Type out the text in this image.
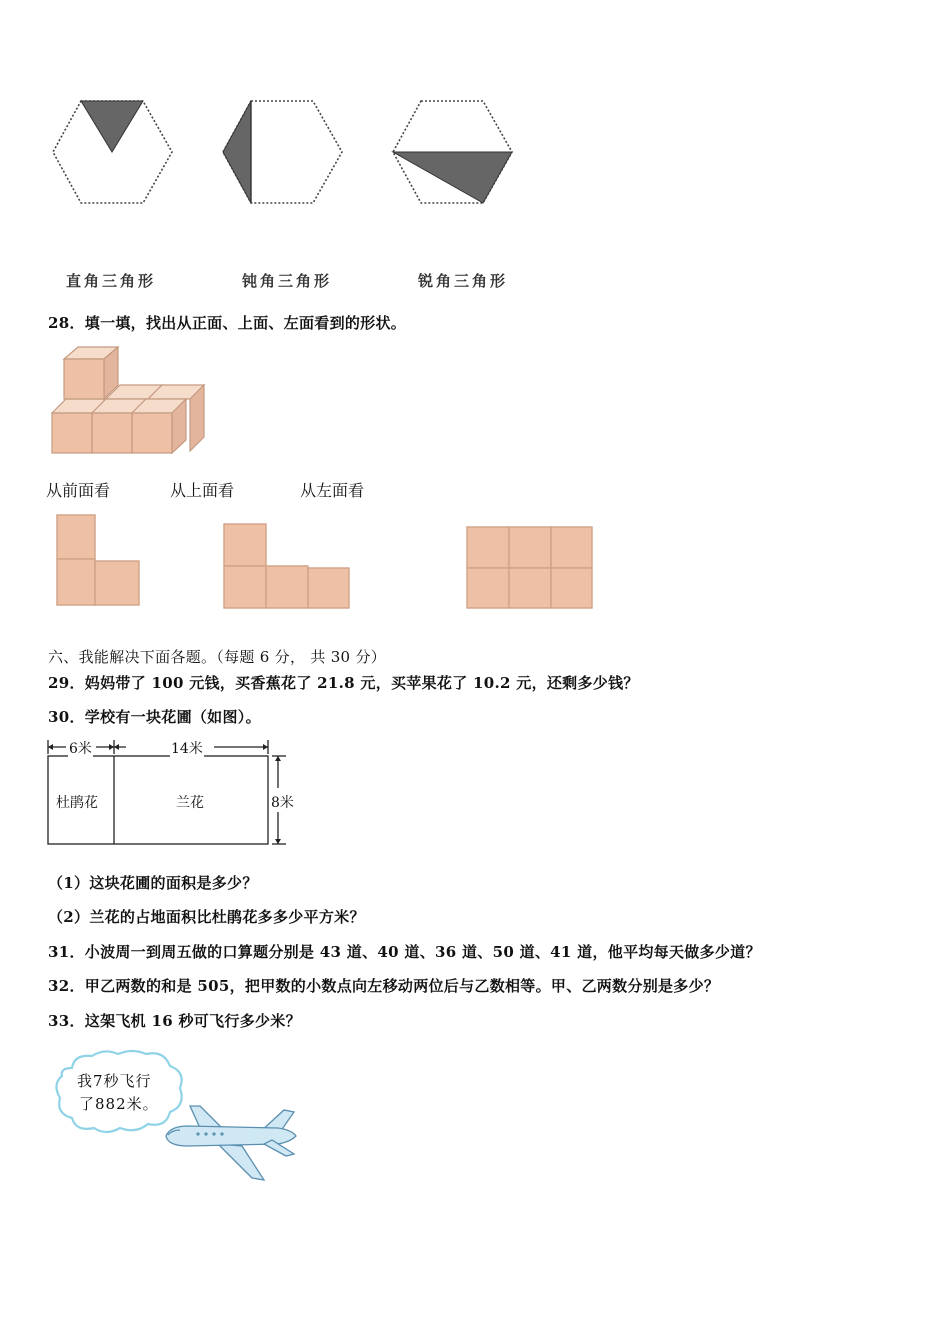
直角三角形	钝角三角形	锐角三角形
28．填一填，找出从正面、上面、左面看到的形状。
从前面看	从上面看	从左面看
六、我能解决下面各题。（每题 6 分， 共 30 分）
29．妈妈带了 100 元钱，买香蕉花了 21.8 元，买苹果花了 10.2 元，还剩多少钱？
30．学校有一块花圃（如图）。
6米	14米
8米
杜鹃花	兰花
（1）这块花圃的面积是多少？
（2）兰花的占地面积比杜鹃花多多少平方米？
31．小波周一到周五做的口算题分别是 43 道、40 道、36 道、50 道、41 道，他平均每天做多少道？
32．甲乙两数的和是 505，把甲数的小数点向左移动两位后与乙数相等。甲、乙两数分别是多少？
33．这架飞机 16 秒可飞行多少米？
我7秒飞行
了882米。
